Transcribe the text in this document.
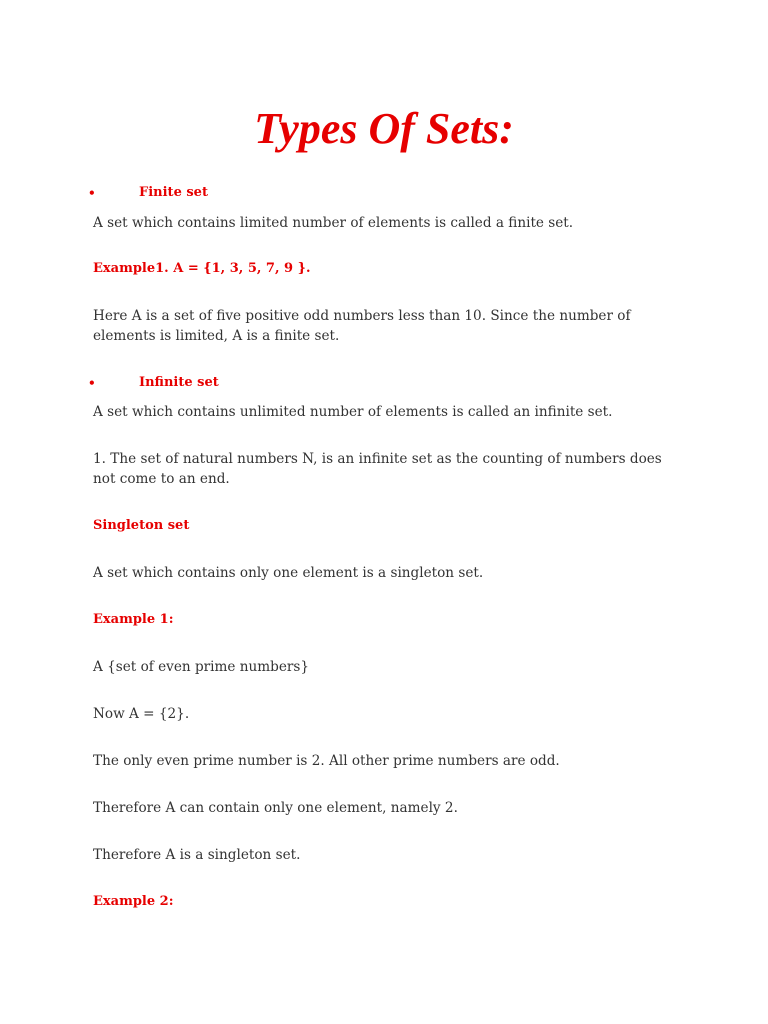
Types Of Sets:
•	Finite set

A set which contains limited number of elements is called a finite set.

Example1. A = {1, 3, 5, 7, 9 }.

Here A is a set of five positive odd numbers less than 10. Since the number of elements is limited, A is a finite set.

•	Infinite set

A set which contains unlimited number of elements is called an infinite set.

1. The set of natural numbers N, is an infinite set as the counting of numbers does not come to an end.

Singleton set

A set which contains only one element is a singleton set.

Example 1:

A {set of even prime numbers}

Now A = {2}.

The only even prime number is 2. All other prime numbers are odd.

Therefore A can contain only one element, namely 2.

Therefore A is a singleton set.

Example 2:
